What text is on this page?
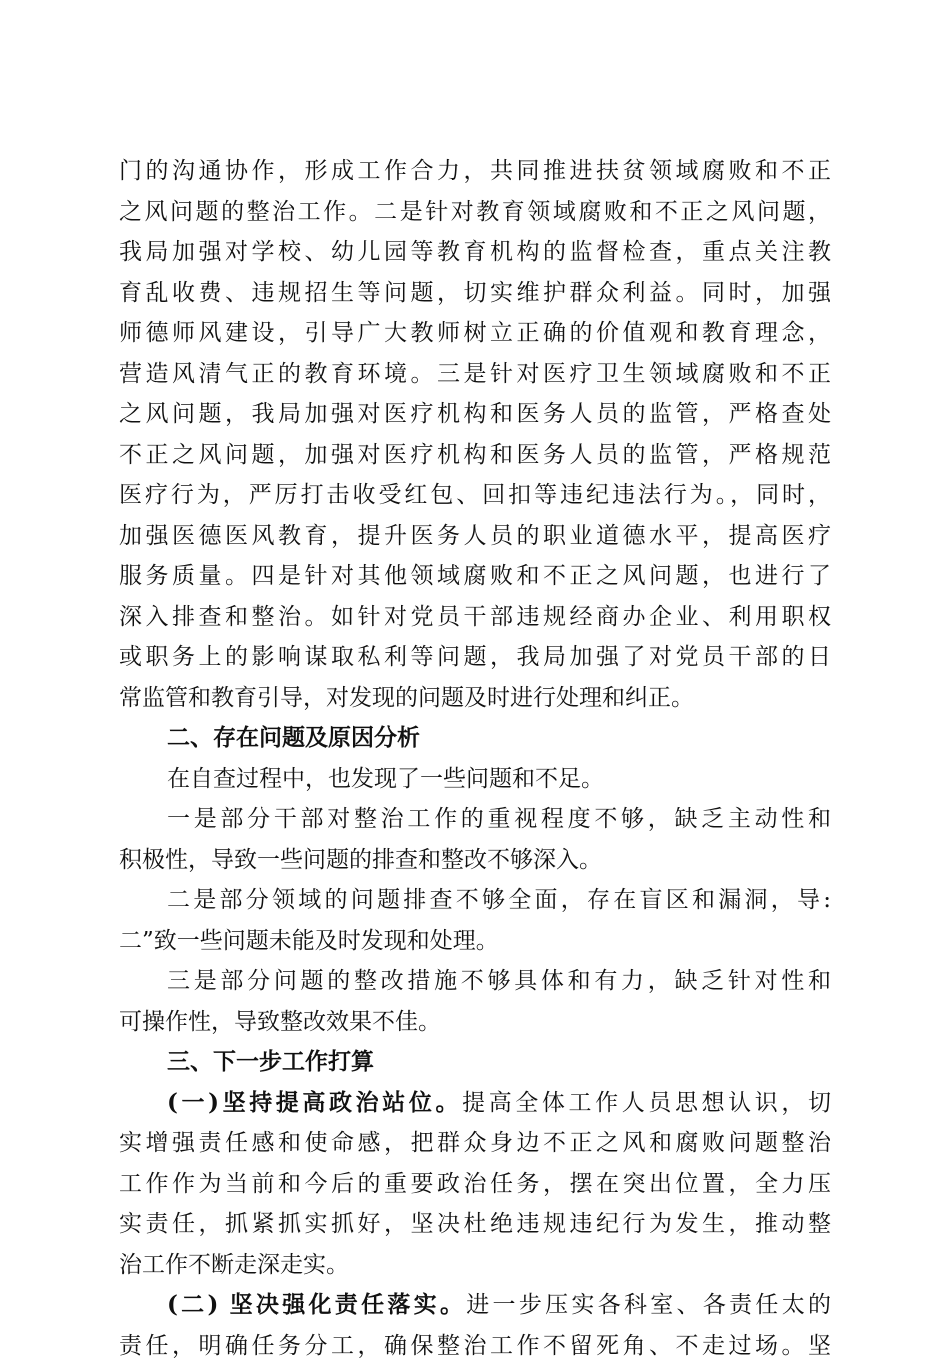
门的沟通协作，形成工作合力，共同推进扶贫领域腐败和不正
之风问题的整治工作。二是针对教育领域腐败和不正之风问题，
我局加强对学校、幼儿园等教育机构的监督检查，重点关注教
育乱收费、违规招生等问题，切实维护群众利益。同时，加强
师德师风建设，引导广大教师树立正确的价值观和教育理念，
营造风清气正的教育环境。三是针对医疗卫生领域腐败和不正
之风问题，我局加强对医疗机构和医务人员的监管，严格查处
不正之风问题，加强对医疗机构和医务人员的监管，严格规范
医疗行为，严厉打击收受红包、回扣等违纪违法行为。，同时，
加强医德医风教育，提升医务人员的职业道德水平，提高医疗
服务质量。四是针对其他领域腐败和不正之风问题，也进行了
深入排查和整治。如针对党员干部违规经商办企业、利用职权
或职务上的影响谋取私利等问题，我局加强了对党员干部的日
常监管和教育引导，对发现的问题及时进行处理和纠正。
二、存在问题及原因分析
在自查过程中，也发现了一些问题和不足。
一是部分干部对整治工作的重视程度不够，缺乏主动性和
积极性，导致一些问题的排查和整改不够深入。
二是部分领域的问题排查不够全面，存在盲区和漏洞，导:
二”致一些问题未能及时发现和处理。
三是部分问题的整改措施不够具体和有力，缺乏针对性和
可操作性，导致整改效果不佳。
三、下一步工作打算
(一)坚持提高政治站位。提高全体工作人员思想认识，切
实增强责任感和使命感，把群众身边不正之风和腐败问题整治
工作作为当前和今后的重要政治任务，摆在突出位置，全力压
实责任，抓紧抓实抓好，坚决杜绝违规违纪行为发生，推动整
治工作不断走深走实。
(二) 坚决强化责任落实。进一步压实各科室、各责任太的
责任，明确任务分工，确保整治工作不留死角、不走过场。坚
